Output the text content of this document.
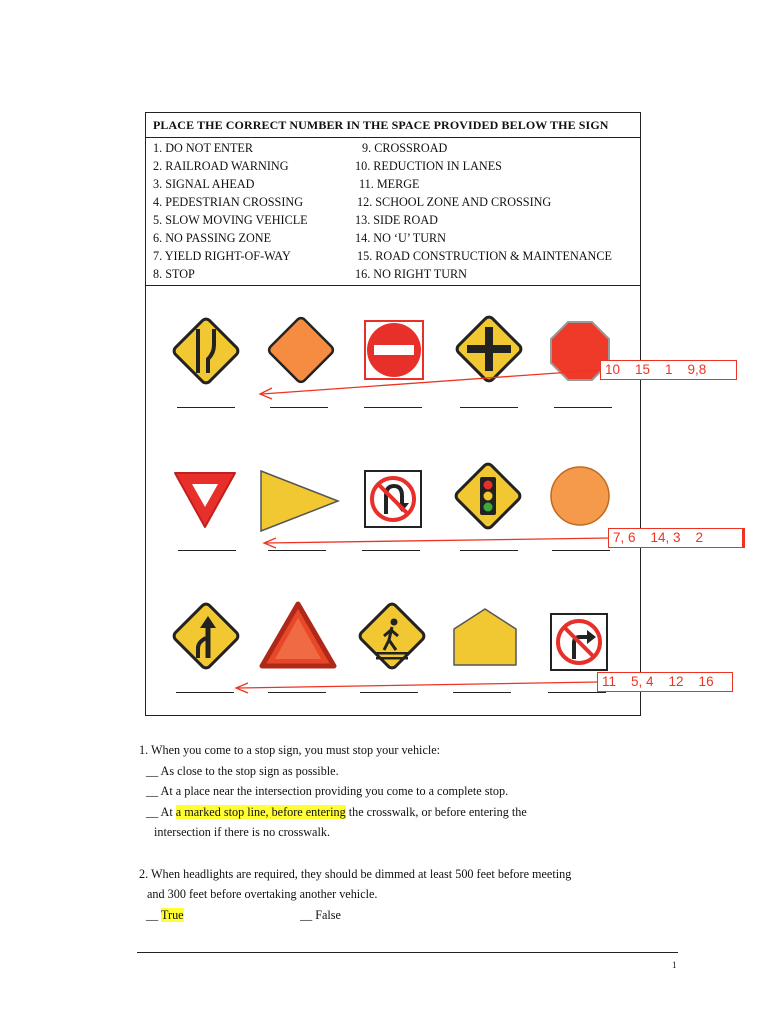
PLACE THE CORRECT NUMBER IN THE SPACE PROVIDED BELOW THE SIGN
1. DO NOT ENTER
2. RAILROAD WARNING
3. SIGNAL AHEAD
4. PEDESTRIAN CROSSING
5. SLOW MOVING VEHICLE
6. NO PASSING ZONE
7. YIELD RIGHT-OF-WAY
8. STOP
9. CROSSROAD
10. REDUCTION IN LANES
11. MERGE
12. SCHOOL ZONE AND CROSSING
13. SIDE ROAD
14. NO ‘U’ TURN
15. ROAD CONSTRUCTION & MAINTENANCE
16. NO RIGHT TURN
10    15    1    9,8
7, 6    14, 3    2
11    5, 4    12    16
1. When you come to a stop sign, you must stop your vehicle:
__ As close to the stop sign as possible.
__ At a place near the intersection providing you come to a complete stop.
__ At a marked stop line, before entering the crosswalk, or before entering the
intersection if there is no crosswalk.
2. When headlights are required, they should be dimmed at least 500 feet before meeting
and 300 feet before overtaking another vehicle.
__ True	__ False
1
